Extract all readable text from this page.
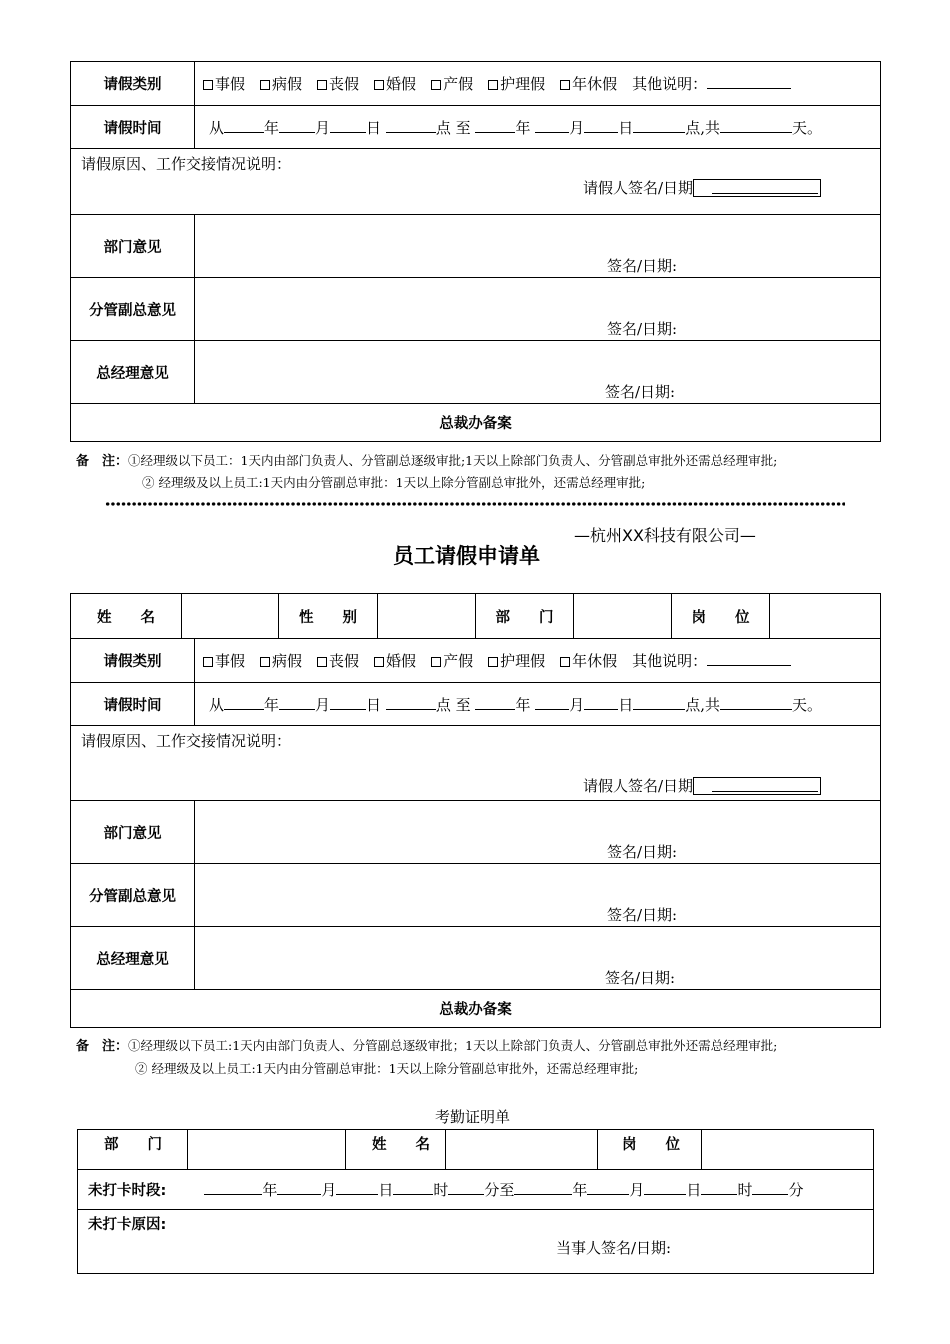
请假类别	事假 病假 丧假 婚假 产假 护理假 年休假 其他说明：
请假时间	从 年 月 日 点 至 年 月 日 点,共 天。

请假原因、工作交接情况说明：
请假人签名/日期	

部门意见	签名/日期:

分管副总意见	签名/日期:

总经理意见	签名/日期:

总裁办备案	
备　注：①经理级以下员工：1天内由部门负责人、分管副总逐级审批;1天以上除部门负责人、分管副总审批外还需总经理审批;
② 经理级及以上员工:1天内由分管副总审批：1天以上除分管副总审批外，还需总经理审批;
—杭州XX科技有限公司—
员工请假申请单
姓　　名		性　　别		部　　门		岗　　位	
请假类别	事假 病假 丧假 婚假 产假 护理假 年休假 其他说明：
请假时间	从 年 月 日 点 至 年 月 日 点,共 天。

请假原因、工作交接情况说明：
请假人签名/日期	

部门意见	签名/日期:

分管副总意见	签名/日期:

总经理意见	签名/日期:

总裁办备案	
备　注：①经理级以下员工:1天内由部门负责人、分管副总逐级审批；1天以上除部门负责人、分管副总审批外还需总经理审批;
② 经理级及以上员工:1天内由分管副总审批：1天以上除分管副总审批外，还需总经理审批;
考勤证明单
部　　门		姓　　名		岗　　位	
未打卡时段:	年	月	日	时 分至	年	月	日 时 分

未打卡原因:
当事人签名/日期:
